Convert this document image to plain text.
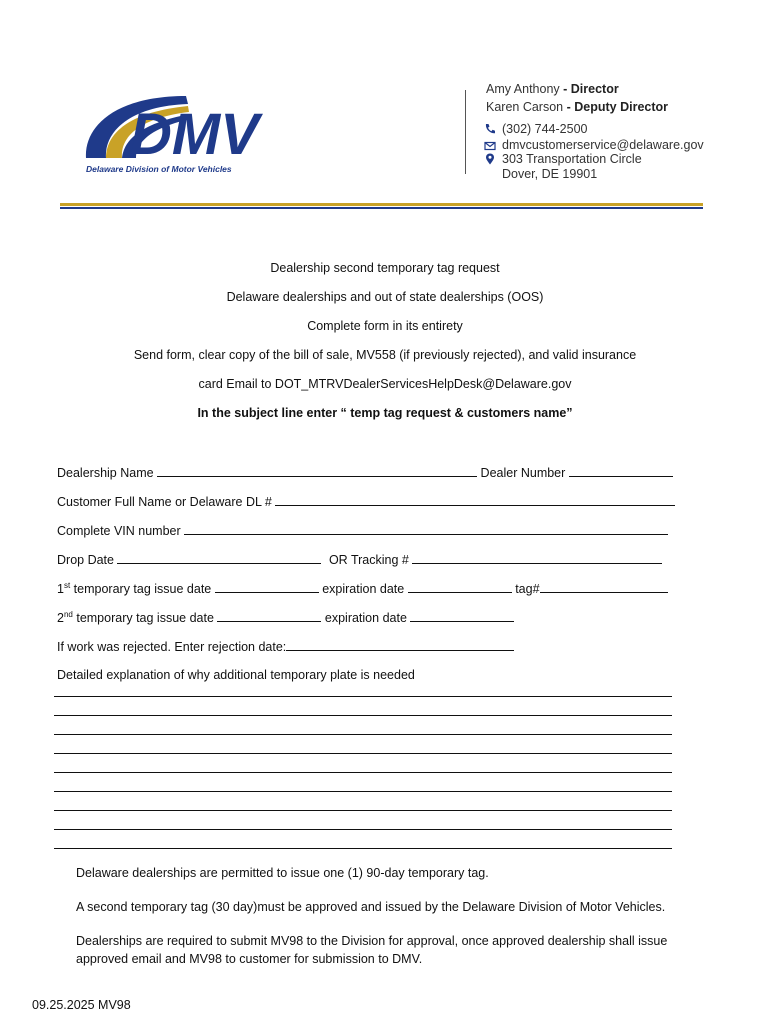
DMV
Delaware Division of Motor Vehicles
Amy Anthony - Director
Karen Carson - Deputy Director
(302) 744-2500
dmvcustomerservice@delaware.gov
303 Transportation Circle
Dover, DE 19901
Dealership second temporary tag request
Delaware dealerships and out of state dealerships (OOS)
Complete form in its entirety
Send form, clear copy of the bill of sale, MV558 (if previously rejected), and valid insurance
card Email to DOT_MTRVDealerServicesHelpDesk@Delaware.gov
In the subject line enter “ temp tag request & customers name”
Dealership Name	Dealer Number
Customer Full Name or Delaware DL #
Complete VIN number
Drop Date	OR Tracking #
1st temporary tag issue date	expiration date	tag#
2nd temporary tag issue date	expiration date
If work was rejected. Enter rejection date:
Detailed explanation of why additional temporary plate is needed
Delaware dealerships are permitted to issue one (1) 90-day temporary tag.
A second temporary tag (30 day)must be approved and issued by the Delaware Division of Motor Vehicles.
Dealerships are required to submit MV98 to the Division for approval, once approved dealership shall issue
approved email and MV98 to customer for submission to DMV.
09.25.2025 MV98
